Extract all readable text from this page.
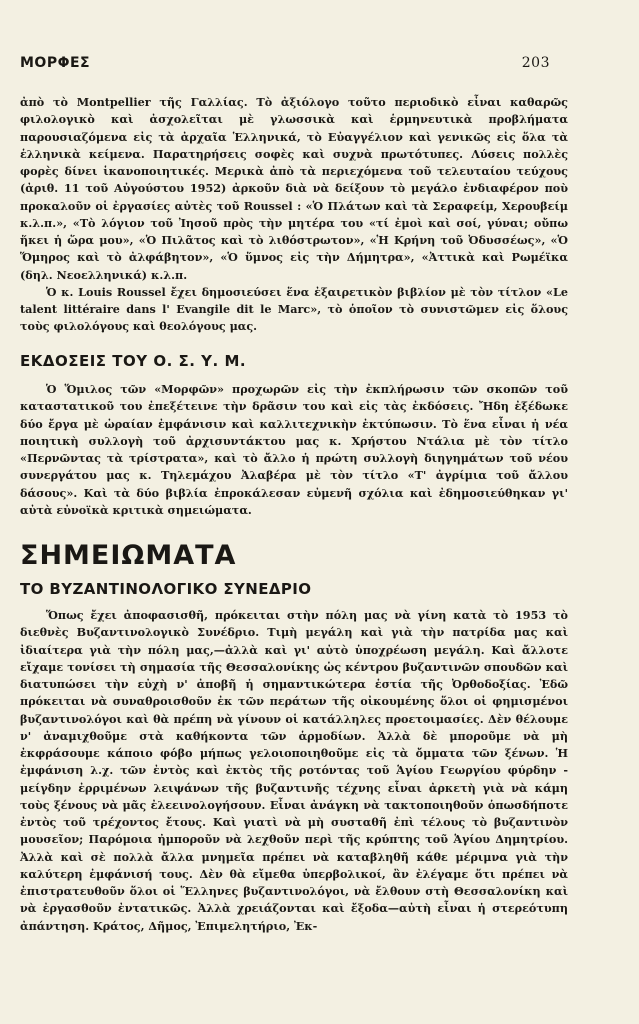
ΜΟΡΦΕΣ	203

ἀπὸ τὸ Montpellier τῆς Γαλλίας. Τὸ ἀξιόλογο τοῦτο περιοδικὸ εἶναι καθαρῶς φιλολογικὸ καὶ ἀσχολεῖται μὲ γλωσσικὰ καὶ ἑρμηνευτικὰ προβλήματα παρουσιαζόμενα εἰς τὰ ἀρχαῖα Ἑλληνικά, τὸ Εὐαγγέλιον καὶ γενικῶς εἰς ὅλα τὰ ἑλληνικὰ κείμενα. Παρατηρήσεις σοφὲς καὶ συχνὰ πρωτότυπες. Λύσεις πολλὲς φορὲς δίνει ἱκανοποιητικές. Μερικὰ ἀπὸ τὰ περιεχόμενα τοῦ τελευταίου τεύχους (ἀριθ. 11 τοῦ Αὐγούστου 1952) ἀρκοῦν διὰ νὰ δείξουν τὸ μεγάλο ἐνδιαφέρον ποὺ προκαλοῦν οἱ ἐργασίες αὐτὲς τοῦ Roussel : «Ὁ Πλάτων καὶ τὰ Σεραφείμ, Χερουβείμ κ.λ.π.», «Τὸ λόγιον τοῦ Ἰησοῦ πρὸς τὴν μητέρα του «τί ἐμοὶ καὶ σοί, γύναι; οὔπω ἥκει ἡ ὥρα μου», «Ὁ Πιλᾶτος καὶ τὸ λιθόστρωτον», «Ἡ Κρήνη τοῦ Ὀδυσσέως», «Ὁ Ὅμηρος καὶ τὸ ἀλφάβητον», «Ὁ ὕμνος εἰς τὴν Δήμητρα», «Ἀττικὰ καὶ Ρωμέϊκα (δηλ. Νεοελληνικά) κ.λ.π.

Ὁ κ. Louis Roussel ἔχει δημοσιεύσει ἕνα ἐξαιρετικὸν βιβλίον μὲ τὸν τίτλον «Le talent littéraire dans l' Evangile dit le Marc», τὸ ὁποῖον τὸ συνιστῶμεν εἰς ὅλους τοὺς φιλολόγους καὶ θεολόγους μας.

ΕΚΔΟΣΕΙΣ ΤΟΥ Ο. Σ. Υ. Μ.

Ὁ Ὅμιλος τῶν «Μορφῶν» προχωρῶν εἰς τὴν ἐκπλήρωσιν τῶν σκοπῶν τοῦ καταστατικοῦ του ἐπεξέτεινε τὴν δρᾶσιν του καὶ εἰς τὰς ἐκδόσεις. Ἤδη ἐξέδωκε δύο ἔργα μὲ ὡραίαν ἐμφάνισιν καὶ καλλιτεχνικὴν ἐκτύπωσιν. Τὸ ἕνα εἶναι ἡ νέα ποιητικὴ συλλογὴ τοῦ ἀρχισυντάκτου μας κ. Χρήστου Ντάλια μὲ τὸν τίτλο «Περνῶντας τὰ τρίστρατα», καὶ τὸ ἄλλο ἡ πρώτη συλλογὴ διηγημάτων τοῦ νέου συνεργάτου μας κ. Τηλεμάχου Ἀλαβέρα μὲ τὸν τίτλο «Τ' ἀγρίμια τοῦ ἄλλου δάσους». Καὶ τὰ δύο βιβλία ἐπροκάλεσαν εὐμενῆ σχόλια καὶ ἐδημοσιεύθηκαν γι' αὐτὰ εὐνοϊκὰ κριτικὰ σημειώματα.

ΣΗΜΕΙΩΜΑΤΑ
ΤΟ ΒΥΖΑΝΤΙΝΟΛΟΓΙΚΟ ΣΥΝΕΔΡΙΟ

Ὅπως ἔχει ἀποφασισθῆ, πρόκειται στὴν πόλη μας νὰ γίνη κατὰ τὸ 1953 τὸ διεθνὲς Βυζαντινολογικὸ Συνέδριο. Τιμὴ μεγάλη καὶ γιὰ τὴν πατρίδα μας καὶ ἰδιαίτερα γιὰ τὴν πόλη μας,—ἀλλὰ καὶ γι' αὐτὸ ὑποχρέωση μεγάλη. Καὶ ἄλλοτε εἴχαμε τονίσει τὴ σημασία τῆς Θεσσαλονίκης ὡς κέντρου βυζαντινῶν σπουδῶν καὶ διατυπώσει τὴν εὐχὴ ν' ἀποβῆ ἡ σημαντικώτερα ἑστία τῆς Ὀρθοδοξίας. Ἐδῶ πρόκειται νὰ συναθροισθοῦν ἐκ τῶν περάτων τῆς οἰκουμένης ὅλοι οἱ φημισμένοι βυζαντινολόγοι καὶ θὰ πρέπη νὰ γίνουν οἱ κατάλληλες προετοιμασίες. Δὲν θέλουμε ν' ἀναμιχθοῦμε στὰ καθήκοντα τῶν ἁρμοδίων. Ἀλλὰ δὲ μποροῦμε νὰ μὴ ἐκφράσουμε κάποιο φόβο μήπως γελοιοποιηθοῦμε εἰς τὰ ὄμματα τῶν ξένων. Ἡ ἐμφάνιση λ.χ. τῶν ἐντὸς καὶ ἐκτὸς τῆς ροτόντας τοῦ Ἁγίου Γεωργίου φύρδην - μείγδην ἐρριμένων λειψάνων τῆς βυζαντινῆς τέχνης εἶναι ἀρκετὴ γιὰ νὰ κάμη τοὺς ξένους νὰ μᾶς ἐλεεινολογήσουν. Εἶναι ἀνάγκη νὰ τακτοποιηθοῦν ὁπωσδήποτε ἐντὸς τοῦ τρέχοντος ἔτους. Καὶ γιατὶ νὰ μὴ συσταθῆ ἐπὶ τέλους τὸ βυζαντινὸν μουσεῖον; Παρόμοια ἠμποροῦν νὰ λεχθοῦν περὶ τῆς κρύπτης τοῦ Ἁγίου Δημητρίου. Ἀλλὰ καὶ σὲ πολλὰ ἄλλα μνημεῖα πρέπει νὰ καταβληθῆ κάθε μέριμνα γιὰ τὴν καλύτερη ἐμφάνισή τους. Δὲν θὰ εἴμεθα ὑπερβολικοί, ἂν ἐλέγαμε ὅτι πρέπει νὰ ἐπιστρατευθοῦν ὅλοι οἱ Ἕλληνες βυζαντινολόγοι, νὰ ἔλθουν στὴ Θεσσαλονίκη καὶ νὰ ἐργασθοῦν ἐντατικῶς. Ἀλλὰ χρειάζονται καὶ ἔξοδα—αὐτὴ εἶναι ἡ στερεότυπη ἀπάντηση. Κράτος, Δῆμος, Ἐπιμελητήριο, Ἐκ-
